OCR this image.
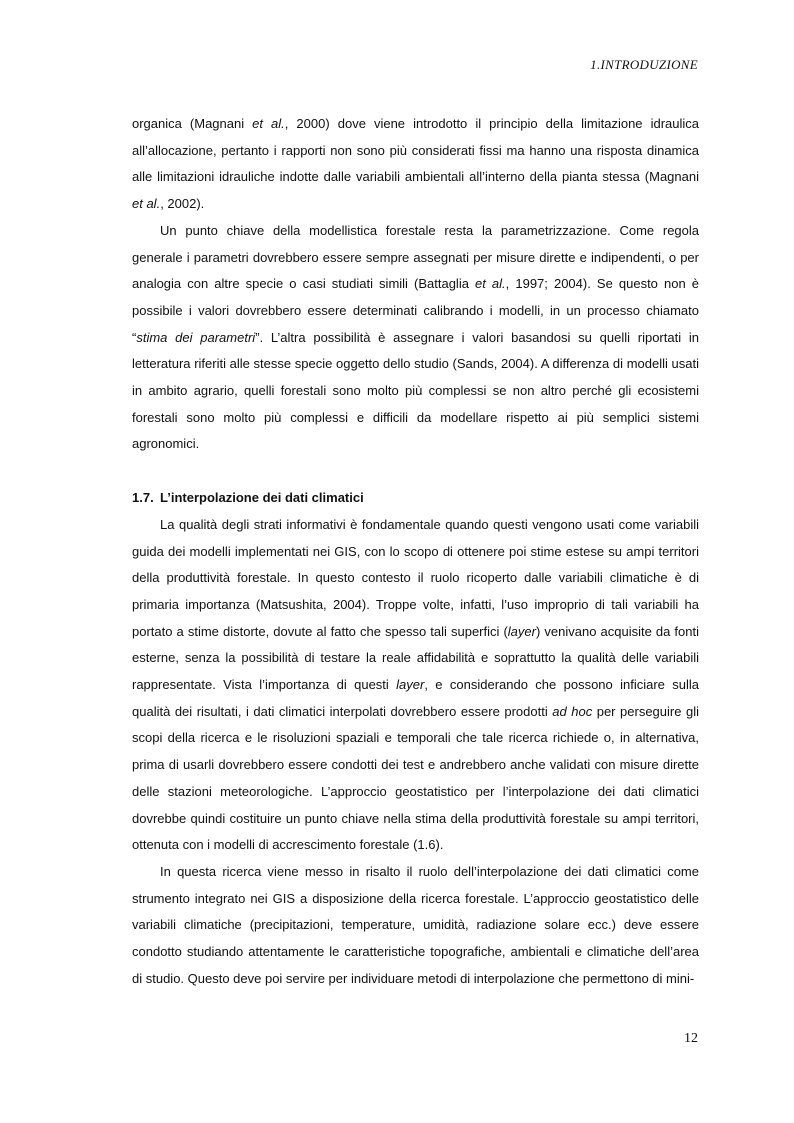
1.INTRODUZIONE

organica (Magnani et al., 2000) dove viene introdotto il principio della limitazione idraulica all’allocazione, pertanto i rapporti non sono più considerati fissi ma hanno una risposta dinamica alle limitazioni idrauliche indotte dalle variabili ambientali all’interno della pianta stessa (Magnani et al., 2002).

Un punto chiave della modellistica forestale resta la parametrizzazione. Come regola generale i parametri dovrebbero essere sempre assegnati per misure dirette e indipendenti, o per analogia con altre specie o casi studiati simili (Battaglia et al., 1997; 2004). Se questo non è possibile i valori dovrebbero essere determinati calibrando i modelli, in un processo chiamato “stima dei parametri”. L’altra possibilità è assegnare i valori basandosi su quelli riportati in letteratura riferiti alle stesse specie oggetto dello studio (Sands, 2004). A differenza di modelli usati in ambito agrario, quelli forestali sono molto più complessi se non altro perché gli ecosistemi forestali sono molto più complessi e difficili da modellare rispetto ai più semplici sistemi agronomici.

1.7. L’interpolazione dei dati climatici

La qualità degli strati informativi è fondamentale quando questi vengono usati come variabili guida dei modelli implementati nei GIS, con lo scopo di ottenere poi stime estese su ampi territori della produttività forestale. In questo contesto il ruolo ricoperto dalle variabili climatiche è di primaria importanza (Matsushita, 2004). Troppe volte, infatti, l’uso improprio di tali variabili ha portato a stime distorte, dovute al fatto che spesso tali superfici (layer) venivano acquisite da fonti esterne, senza la possibilità di testare la reale affidabilità e soprattutto la qualità delle variabili rappresentate. Vista l’importanza di questi layer, e considerando che possono inficiare sulla qualità dei risultati, i dati climatici interpolati dovrebbero essere prodotti ad hoc per perseguire gli scopi della ricerca e le risoluzioni spaziali e temporali che tale ricerca richiede o, in alternativa, prima di usarli dovrebbero essere condotti dei test e andrebbero anche validati con misure dirette delle stazioni meteorologiche. L’approccio geostatistico per l’interpolazione dei dati climatici dovrebbe quindi costituire un punto chiave nella stima della produttività forestale su ampi territori, ottenuta con i modelli di accrescimento forestale (1.6).

In questa ricerca viene messo in risalto il ruolo dell’interpolazione dei dati climatici come strumento integrato nei GIS a disposizione della ricerca forestale. L’approccio geostatistico delle variabili climatiche (precipitazioni, temperature, umidità, radiazione solare ecc.) deve essere condotto studiando attentamente le caratteristiche topografiche, ambientali e climatiche dell’area di studio. Questo deve poi servire per individuare metodi di interpolazione che permettono di mini-

12
